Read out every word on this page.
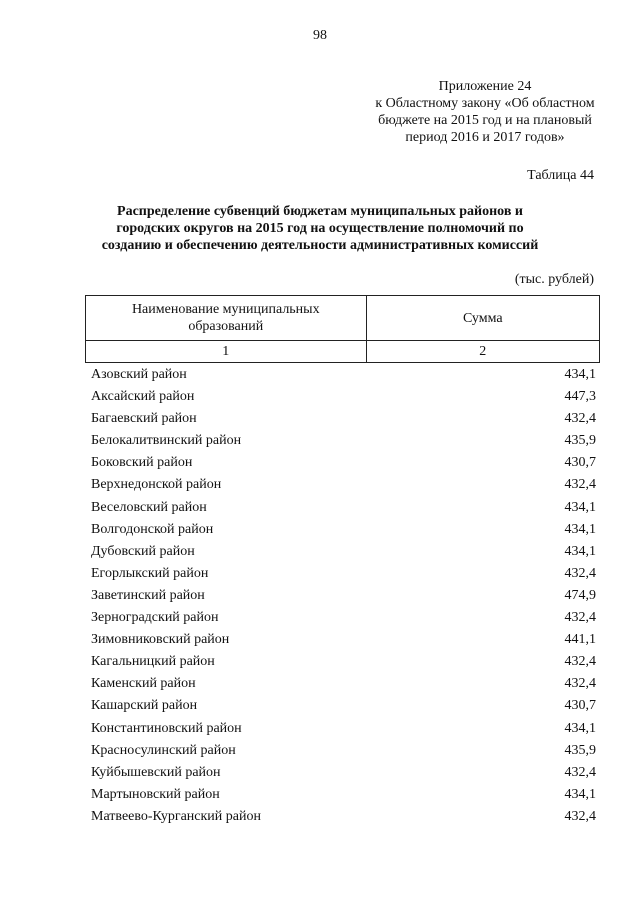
98
Приложение 24
к Областному закону «Об областном
бюджете на 2015 год и на плановый
период 2016 и 2017 годов»
Таблица 44
Распределение субвенций бюджетам муниципальных районов и
городских округов на 2015 год на осуществление полномочий по
созданию и обеспечению деятельности административных комиссий
(тыс. рублей)
Наименование муниципальных
образований	Сумма
1	2
Азовский район	434,1
Аксайский район	447,3
Багаевский район	432,4
Белокалитвинский район	435,9
Боковский район	430,7
Верхнедонской район	432,4
Веселовский район	434,1
Волгодонской район	434,1
Дубовский район	434,1
Егорлыкский район	432,4
Заветинский район	474,9
Зерноградский район	432,4
Зимовниковский район	441,1
Кагальницкий район	432,4
Каменский район	432,4
Кашарский район	430,7
Константиновский район	434,1
Красносулинский район	435,9
Куйбышевский район	432,4
Мартыновский район	434,1
Матвеево-Курганский район	432,4
